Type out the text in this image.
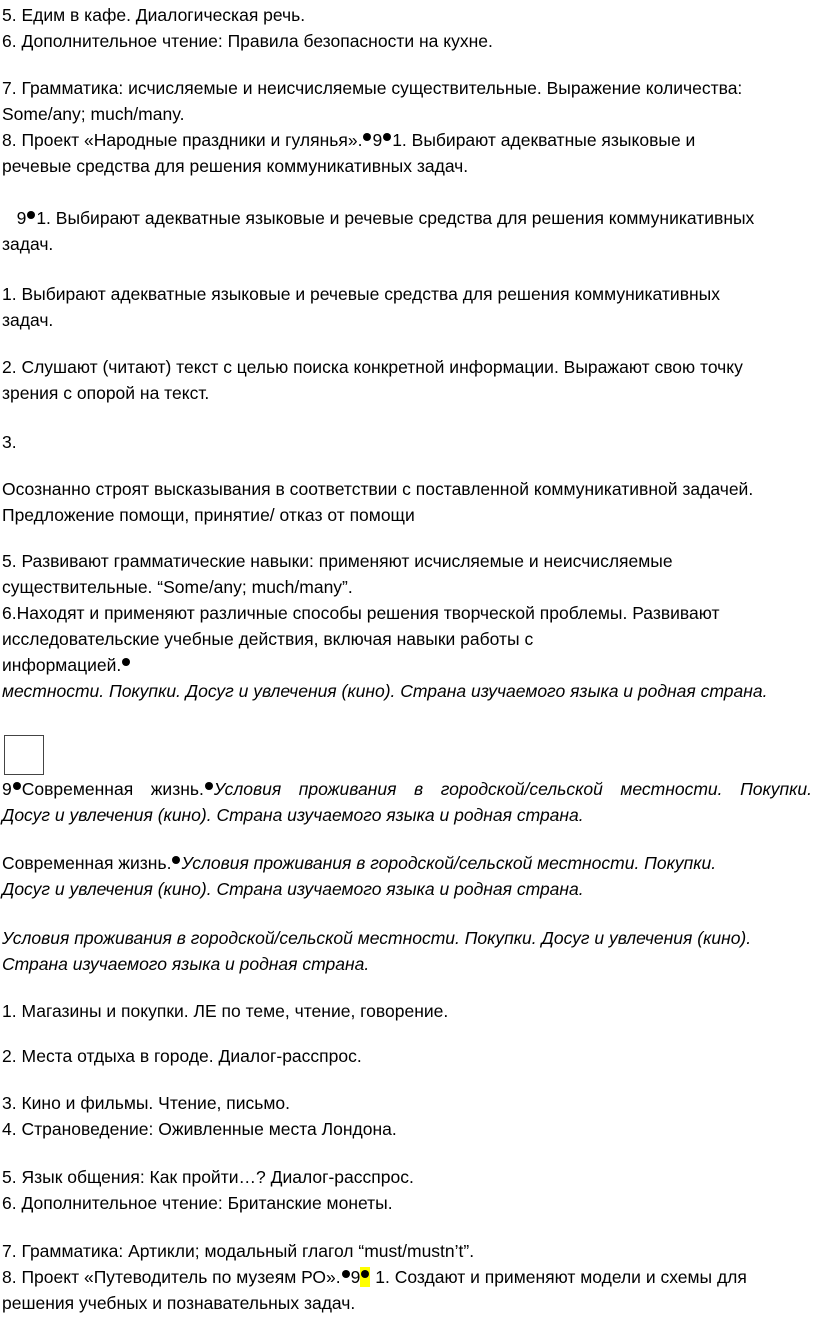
5. Едим в кафе. Диалогическая речь.
6. Дополнительное чтение: Правила безопасности на кухне.
7. Грамматика: исчисляемые и неисчисляемые существительные. Выражение количества:
Some/any; much/many.
8. Проект «Народные праздники и гулянья». 9 1. Выбирают адекватные языковые и
речевые средства для решения коммуникативных задач.
9 1. Выбирают адекватные языковые и речевые средства для решения коммуникативных
задач.
1. Выбирают адекватные языковые и речевые средства для решения коммуникативных
задач.
2. Слушают (читают) текст с целью поиска конкретной информации. Выражают свою точку
зрения с опорой на текст.
3.
Осознанно строят высказывания в соответствии с поставленной коммуникативной задачей.
Предложение помощи, принятие/ отказ от помощи
5. Развивают грамматические навыки: применяют исчисляемые и неисчисляемые
существительные. “Some/any; much/many”.
6.Находят и применяют различные способы решения творческой проблемы. Развивают
исследовательские учебные действия, включая навыки работы с
информацией.
местности. Покупки. Досуг и увлечения (кино). Страна изучаемого языка и родная страна.
9 Современная жизнь. Условия проживания в городской/сельской местности. Покупки.
Досуг и увлечения (кино). Страна изучаемого языка и родная страна.
Современная жизнь. Условия проживания в городской/сельской местности. Покупки.
Досуг и увлечения (кино). Страна изучаемого языка и родная страна.
Условия проживания в городской/сельской местности. Покупки. Досуг и увлечения (кино).
Страна изучаемого языка и родная страна.
1. Магазины и покупки. ЛЕ по теме, чтение, говорение.
2. Места отдыха в городе. Диалог-расспрос.
3. Кино и фильмы. Чтение, письмо.
4. Страноведение: Оживленные места Лондона.
5. Язык общения: Как пройти…? Диалог-расспрос.
6. Дополнительное чтение: Британские монеты.
7. Грамматика: Артикли; модальный глагол “must/mustn’t”.
8. Проект «Путеводитель по музеям РО». 9 1. Создают и применяют модели и схемы для
решения учебных и познавательных задач.
